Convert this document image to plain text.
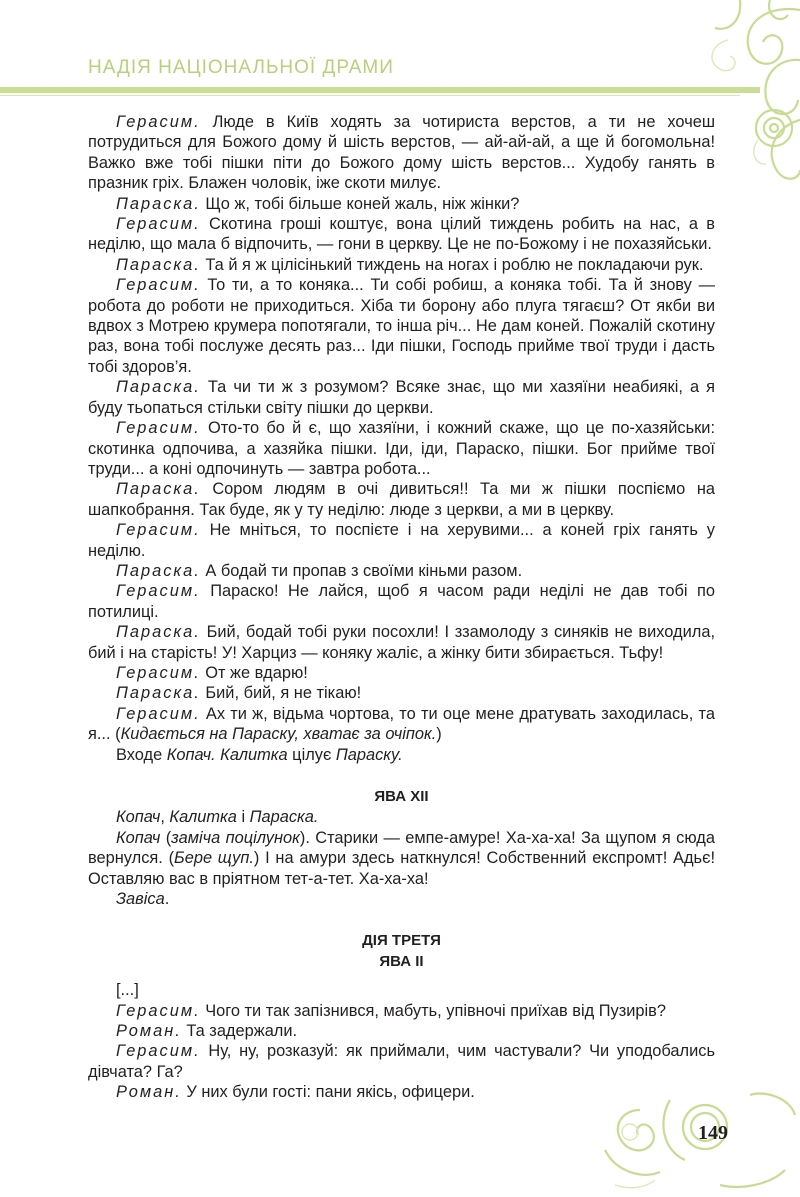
НАДІЯ НАЦІОНАЛЬНОЇ ДРАМИ

Герасим. Люде в Київ ходять за чотириста верстов, а ти не хочеш потрудиться для Божого дому й шість верстов, — ай-ай-ай, а ще й богомольна! Важко вже тобі пішки піти до Божого дому шість верстов... Худобу ганять в празник гріх. Блажен чоловік, іже скоти милує.

Параска. Що ж, тобі більше коней жаль, ніж жінки?

Герасим. Скотина гроші коштує, вона цілий тиждень робить на нас, а в неділю, що мала б відпочить, — гони в церкву. Це не по-Божому і не похазяйськи.

Параска. Та й я ж цілісінький тиждень на ногах і роблю не покладаючи рук.

Герасим. То ти, а то коняка... Ти собі робиш, а коняка тобі. Та й знову — робота до роботи не приходиться. Хіба ти борону або плуга тягаєш? От якби ви вдвох з Мотрею крумера попотягали, то інша річ... Не дам коней. Пожалій скотину раз, вона тобі послуже десять раз... Іди пішки, Господь прийме твої труди і дасть тобі здоров’я.

Параска. Та чи ти ж з розумом? Всяке знає, що ми хазяїни неабиякі, а я буду тьопаться стільки світу пішки до церкви.

Герасим. Ото-то бо й є, що хазяїни, і кожний скаже, що це по-хазяйськи: скотинка одпочива, а хазяйка пішки. Іди, іди, Параско, пішки. Бог прийме твої труди... а коні одпочинуть — завтра робота...

Параска. Сором людям в очі дивиться!! Та ми ж пішки поспіємо на шапкобрання. Так буде, як у ту неділю: люде з церкви, а ми в церкву.

Герасим. Не мніться, то поспієте і на херувими... а коней гріх ганять у неділю.

Параска. А бодай ти пропав з своїми кіньми разом.

Герасим. Параско! Не лайся, щоб я часом ради неділі не дав тобі по потилиці.

Параска. Бий, бодай тобі руки посохли! І ззамолоду з синяків не виходила, бий і на старість! У! Харциз — коняку жаліє, а жінку бити збирається. Тьфу!

Герасим. От же вдарю!

Параска. Бий, бий, я не тікаю!

Герасим. Ах ти ж, відьма чортова, то ти оце мене дратувать заходилась, та я... (Кидається на Параску, хватає за очіпок.)

Входе Копач. Калитка цілує Параску.

ЯВА XII

Копач, Калитка і Параска.

Копач (заміча поцілунок). Старики — емпе-амуре! Ха-ха-ха! За щупом я сюда вернулся. (Бере щуп.) І на амури здесь наткнулся! Собственний експромт! Адьє! Оставляю вас в пріятном тет-а-тет. Ха-ха-ха!

Завіса.

ДІЯ ТРЕТЯ

ЯВА II

[...]

Герасим. Чого ти так запізнився, мабуть, упівночі приїхав від Пузирів?

Роман. Та задержали.

Герасим. Ну, ну, розказуй: як приймали, чим частували? Чи уподобались дівчата? Га?

Роман. У них були гості: пани якісь, офицери.

149
